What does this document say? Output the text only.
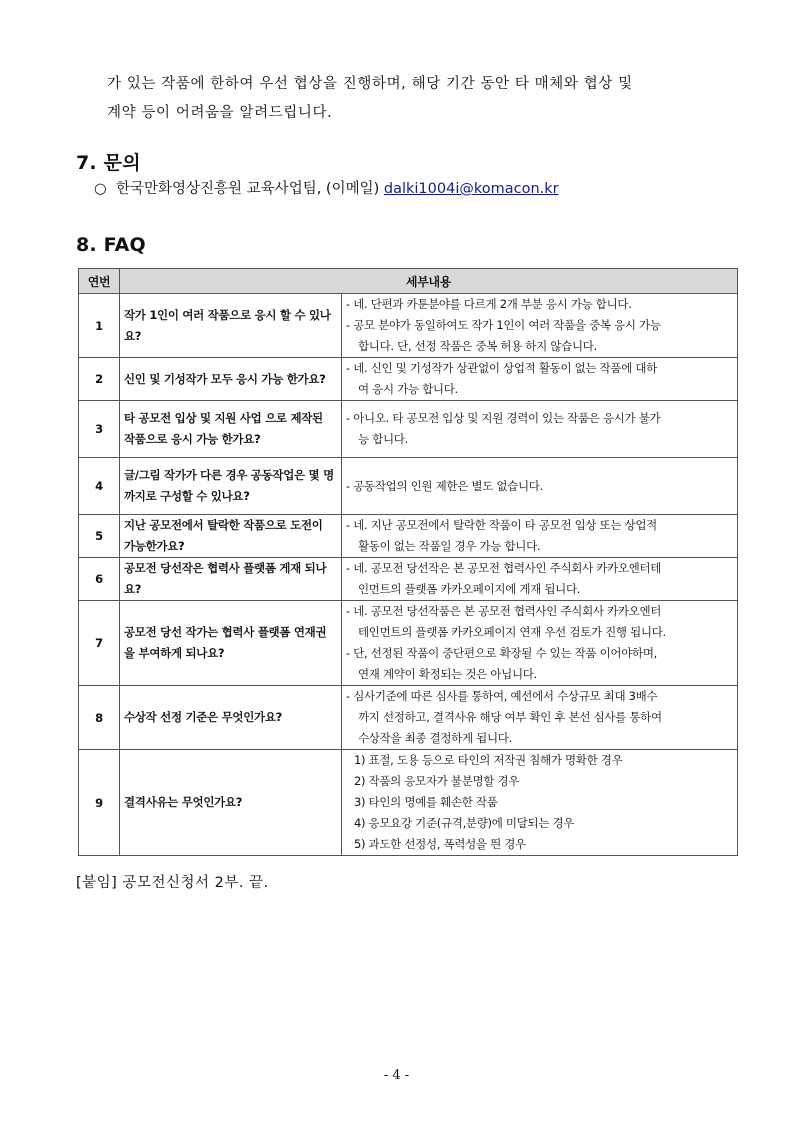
가 있는 작품에 한하여 우선 협상을 진행하며, 해당 기간 동안 타 매체와 협상 및
계약 등이 어려움을 알려드립니다.
7. 문의
○ 한국만화영상진흥원 교육사업팀, (이메일) dalki1004i@komacon.kr
8. FAQ
연번	세부내용	
1	작가 1인이 여러 작품으로 응시 할 수 있나요?	- 네. 단편과 카툰분야를 다르게 2개 부분 응시 가능 합니다.
- 공모 분야가 동일하여도 작가 1인이 여러 작품을 중복 응시 가능
합니다. 단, 선정 작품은 중복 허용 하지 않습니다.

2	신인 및 기성작가 모두 응시 가능 한가요?	- 네. 신인 및 기성작가 상관없이 상업적 활동이 없는 작품에 대하
여 응시 가능 합니다.

3	타 공모전 입상 및 지원 사업 으로 제작된 작품으로 응시 가능 한가요?	- 아니오. 타 공모전 입상 및 지원 경력이 있는 작품은 응시가 불가
능 합니다.

4	글/그림 작가가 다른 경우 공동작업은 몇 명까지로 구성할 수 있나요?	- 공동작업의 인원 제한은 별도 없습니다.

5	지난 공모전에서 탈락한 작품으로 도전이 가능한가요?	- 네. 지난 공모전에서 탈락한 작품이 타 공모전 입상 또는 상업적
활동이 없는 작품일 경우 가능 합니다.

6	공모전 당선작은 협력사 플랫폼 게재 되나요?	- 네. 공모전 당선작은 본 공모전 협력사인 주식회사 카카오엔터테
인먼트의 플랫폼 카카오페이지에 게재 됩니다.

7	공모전 당선 작가는 협력사 플랫폼 연재권을 부여하게 되나요?	- 네. 공모전 당선작품은 본 공모전 협력사인 주식회사 카카오엔터
테인먼트의 플랫폼 카카오페이지 연재 우선 검토가 진행 됩니다.
- 단, 선정된 작품이 중단편으로 확장될 수 있는 작품 이어야하며,
연재 계약이 확정되는 것은 아닙니다.

8	수상작 선정 기준은 무엇인가요?	- 심사기준에 따른 심사를 통하여, 예선에서 수상규모 최대 3배수
까지 선정하고, 결격사유 해당 여부 확인 후 본선 심사를 통하여
수상작을 최종 결정하게 됩니다.

9	결격사유는 무엇인가요?	1) 표절, 도용 등으로 타인의 저작권 침해가 명확한 경우
2) 작품의 응모자가 불분명할 경우
3) 타인의 명예를 훼손한 작품
4) 응모요강 기준(규격,분량)에 미달되는 경우
5) 과도한 선정성, 폭력성을 띈 경우
[붙임] 공모전신청서 2부. 끝.
- 4 -
